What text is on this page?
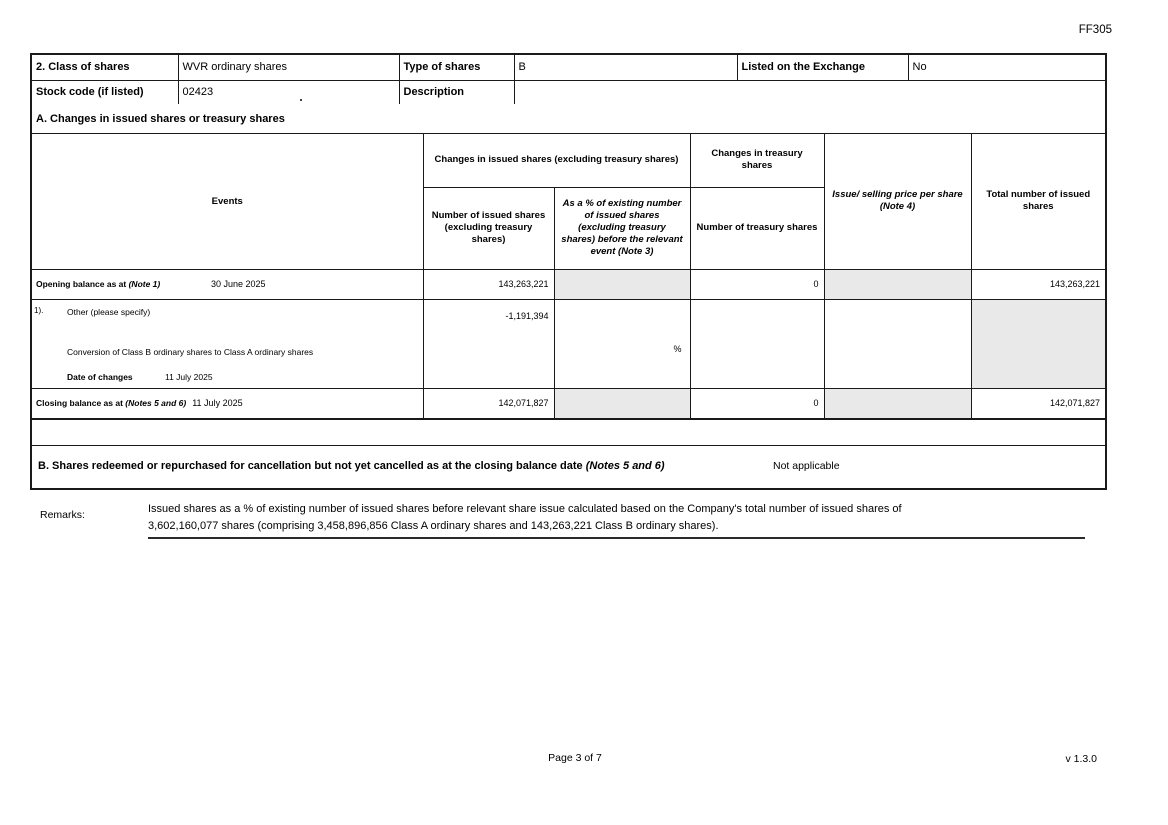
FF305
2. Class of shares	WVR ordinary shares	Type of shares	B	Listed on the Exchange	No
Stock code (if listed)	02423	Description			
A. Changes in issued shares or treasury shares
Events	Changes in issued shares (excluding treasury shares)		Changes in treasury shares	Issue/ selling price per share (Note 4)	Total number of issued shares
	Number of issued shares (excluding treasury shares)	As a % of existing number of issued shares (excluding treasury shares) before the relevant event (Note 3)	Number of treasury shares		
Opening balance as at (Note 1) 30 June 2025	143,263,221		0		143,263,221

1). Other (please specify)
Conversion of Class B ordinary shares to Class A ordinary shares
Date of changes 11 July 2025	-1,191,394	%			
Closing balance as at (Notes 5 and 6) 11 July 2025	142,071,827		0		142,071,827
B. Shares redeemed or repurchased for cancellation but not yet cancelled as at the closing balance date (Notes 5 and 6)	Not applicable
Remarks:	Issued shares as a % of existing number of issued shares before relevant share issue calculated based on the Company's total number of issued shares of
3,602,160,077 shares (comprising 3,458,896,856 Class A ordinary shares and 143,263,221 Class B ordinary shares).
Page 3 of 7	v 1.3.0
